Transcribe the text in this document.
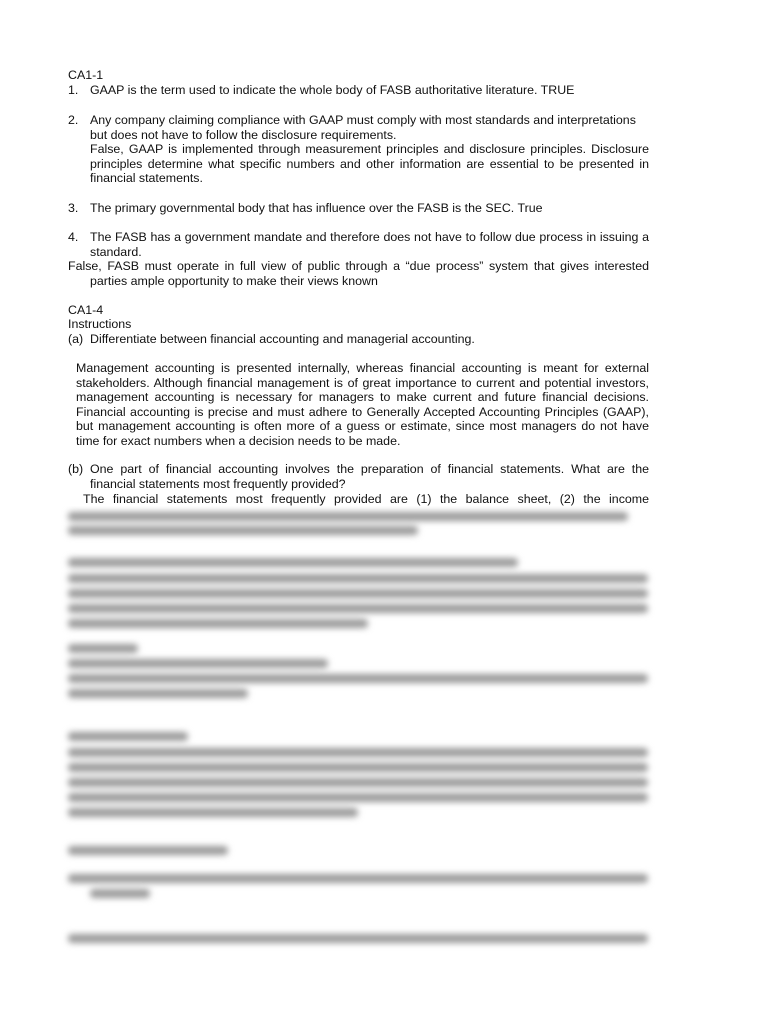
CA1-1
1. GAAP is the term used to indicate the whole body of FASB authoritative literature. TRUE
2. Any company claiming compliance with GAAP must comply with most standards and interpretations
but does not have to follow the disclosure requirements.
False, GAAP is implemented through measurement principles and disclosure principles. Disclosure principles determine what specific numbers and other information are essential to be presented in financial statements.
3. The primary governmental body that has influence over the FASB is the SEC. True
4. The FASB has a government mandate and therefore does not have to follow due process in issuing a standard.
False, FASB must operate in full view of public through a “due process” system that gives interested parties ample opportunity to make their views known
CA1-4
Instructions
(a) Differentiate between financial accounting and managerial accounting.
Management accounting is presented internally, whereas financial accounting is meant for external stakeholders. Although financial management is of great importance to current and potential investors, management accounting is necessary for managers to make current and future financial decisions. Financial accounting is precise and must adhere to Generally Accepted Accounting Principles (GAAP), but management accounting is often more of a guess or estimate, since most managers do not have time for exact numbers when a decision needs to be made.
(b) One part of financial accounting involves the preparation of financial statements. What are the financial statements most frequently provided?
The financial statements most frequently provided are (1) the balance sheet, (2) the income
